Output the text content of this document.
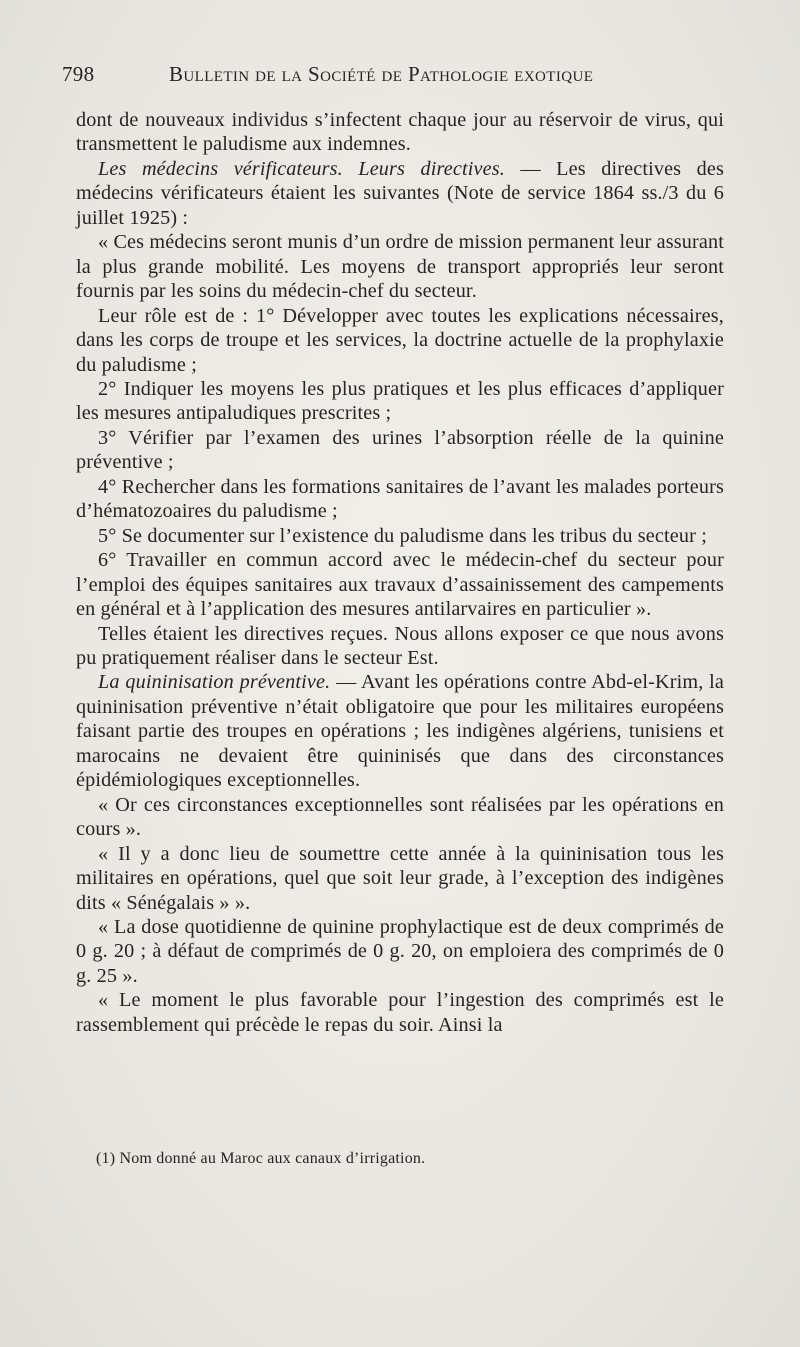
798	Bulletin de la Société de Pathologie exotique

dont de nouveaux individus s’infectent chaque jour au réservoir de virus, qui transmettent le paludisme aux indemnes.

Les médecins vérificateurs. Leurs directives. — Les directives des médecins vérificateurs étaient les suivantes (Note de service 1864 ss./3 du 6 juillet 1925) :

« Ces médecins seront munis d’un ordre de mission permanent leur assurant la plus grande mobilité. Les moyens de transport appropriés leur seront fournis par les soins du médecin-chef du secteur.

Leur rôle est de : 1° Développer avec toutes les explications nécessaires, dans les corps de troupe et les services, la doctrine actuelle de la prophylaxie du paludisme ;

2° Indiquer les moyens les plus pratiques et les plus efficaces d’appliquer les mesures antipaludiques prescrites ;

3° Vérifier par l’examen des urines l’absorption réelle de la quinine préventive ;

4° Rechercher dans les formations sanitaires de l’avant les malades porteurs d’hématozoaires du paludisme ;

5° Se documenter sur l’existence du paludisme dans les tribus du secteur ;

6° Travailler en commun accord avec le médecin-chef du secteur pour l’emploi des équipes sanitaires aux travaux d’assainissement des campements en général et à l’application des mesures antilarvaires en particulier ».

Telles étaient les directives reçues. Nous allons exposer ce que nous avons pu pratiquement réaliser dans le secteur Est.

La quininisation préventive. — Avant les opérations contre Abd-el-Krim, la quininisation préventive n’était obligatoire que pour les militaires européens faisant partie des troupes en opérations ; les indigènes algériens, tunisiens et marocains ne devaient être quininisés que dans des circonstances épidémiologiques exceptionnelles.

« Or ces circonstances exceptionnelles sont réalisées par les opérations en cours ».

« Il y a donc lieu de soumettre cette année à la quininisation tous les militaires en opérations, quel que soit leur grade, à l’exception des indigènes dits « Sénégalais » ».

« La dose quotidienne de quinine prophylactique est de deux comprimés de 0 g. 20 ; à défaut de comprimés de 0 g. 20, on emploiera des comprimés de 0 g. 25 ».

« Le moment le plus favorable pour l’ingestion des comprimés est le rassemblement qui précède le repas du soir. Ainsi la

(1) Nom donné au Maroc aux canaux d’irrigation.
